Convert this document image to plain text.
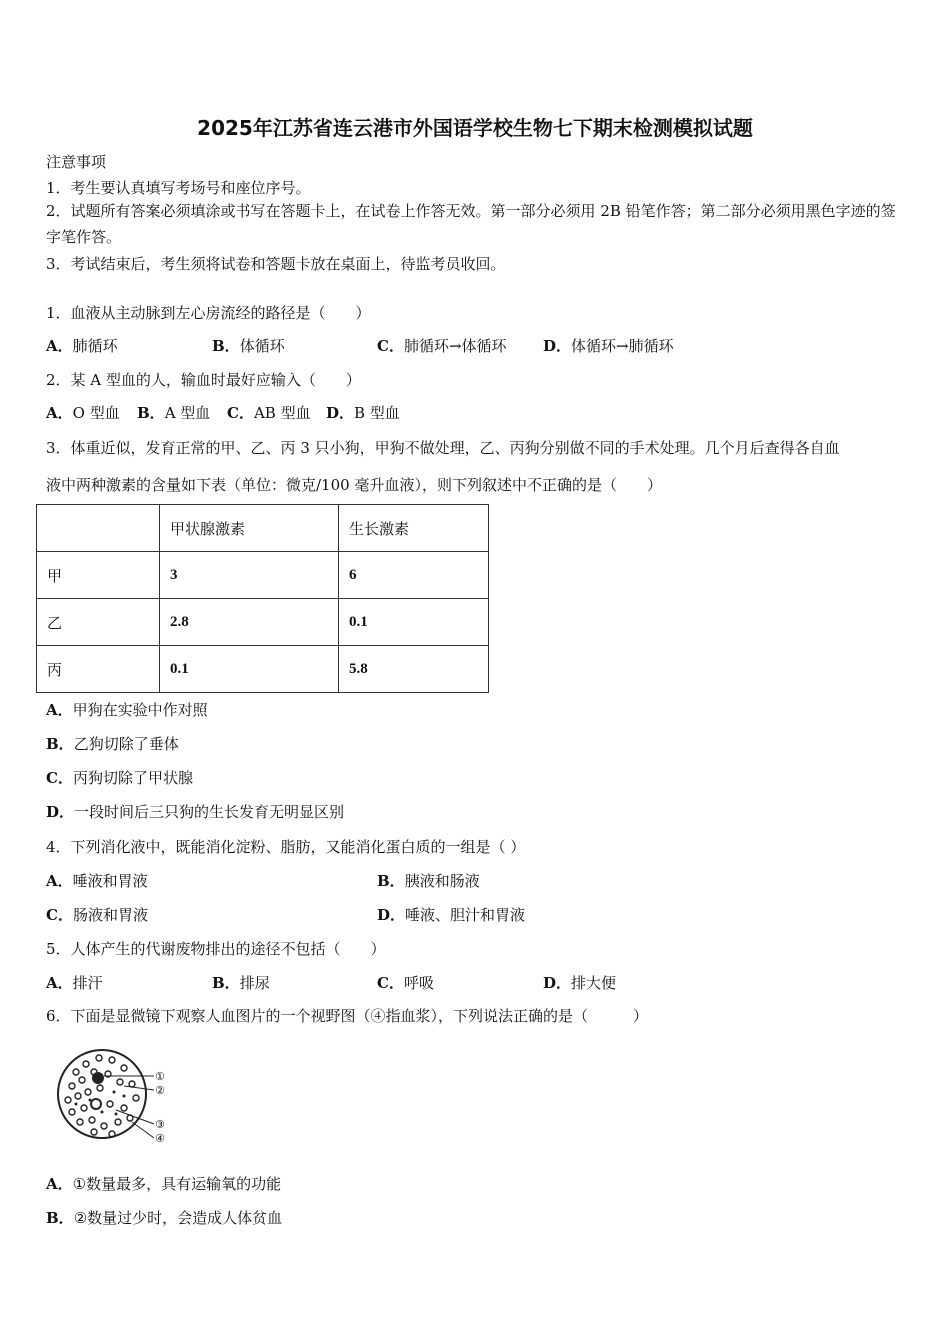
2025年江苏省连云港市外国语学校生物七下期末检测模拟试题
注意事项
1．考生要认真填写考场号和座位序号。
2．试题所有答案必须填涂或书写在答题卡上，在试卷上作答无效。第一部分必须用 2B 铅笔作答；第二部分必须用黑色字迹的签字笔作答。
3．考试结束后，考生须将试卷和答题卡放在桌面上，待监考员收回。
1．血液从主动脉到左心房流经的路径是（　　）
A．肺循环	B．体循环	C．肺循环→体循环 D．体循环→肺循环
2．某 A 型血的人，输血时最好应输入（　　）
A．O 型血 B．A 型血 C．AB 型血 D．B 型血
3．体重近似，发育正常的甲、乙、丙 3 只小狗，甲狗不做处理，乙、丙狗分别做不同的手术处理。几个月后查得各自血
液中两种激素的含量如下表（单位：微克/100 毫升血液），则下列叙述中不正确的是（　　）
	甲状腺激素	生长激素
甲	3	6
乙	2.8	0.1
丙	0.1	5.8
A．甲狗在实验中作对照
B．乙狗切除了垂体
C．丙狗切除了甲状腺
D．一段时间后三只狗的生长发育无明显区别
4．下列消化液中，既能消化淀粉、脂肪，又能消化蛋白质的一组是（ ）
A．唾液和胃液	B．胰液和肠液
C．肠液和胃液	D．唾液、胆汁和胃液
5．人体产生的代谢废物排出的途径不包括（　　）
A．排汗	B．排尿	C．呼吸	D．排大便
6．下面是显微镜下观察人血图片的一个视野图（④指血浆），下列说法正确的是（　　　）
①
②
③
④
A．①数量最多，具有运输氧的功能
B．②数量过少时，会造成人体贫血
